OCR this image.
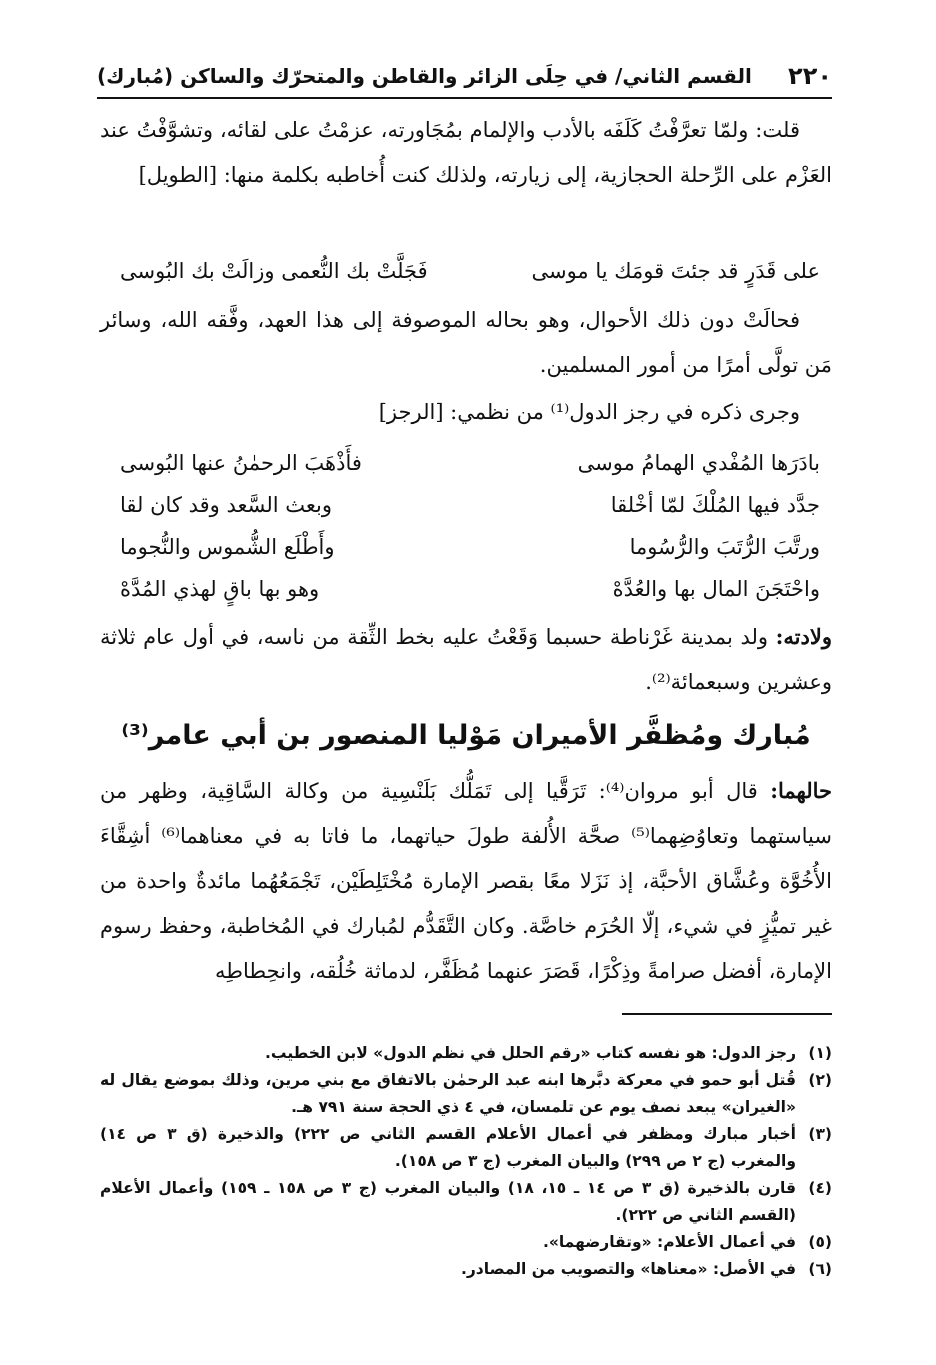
٢٢٠
القسم الثاني/ في حِلَى الزائر والقاطن والمتحرّك والساكن (مُبارك)

قلت: ولمّا تعرَّفْتُ كَلَفَه بالأدب والإلمام بمُجَاورته، عزمْتُ على لقائه، وتشوَّفْتُ عند العَزْم على الرِّحلة الحجازية، إلى زيارته، ولذلك كنت أُخاطبه بكلمة منها: [الطويل]

على قَدَرٍ قد جئتَ قومَك يا موسى
فَجَلَّتْ بك النُّعمى وزالَتْ بك البُوسى

فحالَتْ دون ذلك الأحوال، وهو بحاله الموصوفة إلى هذا العهد، وفَّقه الله، وسائر مَن تولَّى أمرًا من أمور المسلمين.

وجرى ذكره في رجز الدول⁽¹⁾ من نظمي: [الرجز]

بادَرَها المُفْدي الهمامُ موسى
فأَذْهَبَ الرحمٰنُ عنها البُوسى
جدَّد فيها المُلْكَ لمّا أخْلقا
وبعث السَّعد وقد كان لقا
ورتَّبَ الرُّتَبَ والرُّسُوما
وأَطْلَع الشُّموس والنُّجوما
واحْتَجَنَ المال بها والعُدَّهْ
وهو بها باقٍ لهذي المُدَّهْ

ولادته: ولد بمدينة غَرْناطة حسبما وَقَعْتُ عليه بخط الثِّقة من ناسه، في أول عام ثلاثة وعشرين وسبعمائة⁽²⁾.

مُبارك ومُظفَّر الأميران مَوْليا المنصور بن أبي عامر⁽³⁾

حالهما: قال أبو مروان⁽⁴⁾: تَرَقَّيا إلى تَمَلُّك بَلَنْسِية من وكالة السَّاقِية، وظهر من سياستهما وتعاوُضِهما⁽⁵⁾ صحَّة الأُلفة طولَ حياتهما، ما فاتا به في معناهما⁽⁶⁾ أشِقَّاءَ الأُخُوَّة وعُشَّاق الأحبَّة، إذ نَزَلا معًا بقصر الإمارة مُخْتَلِطَيْن، تَجْمَعُهُما مائدةٌ واحدة من غير تميُّزٍ في شيء، إلّا الحُرَم خاصَّة. وكان التَّقَدُّم لمُبارك في المُخاطبة، وحفظ رسوم الإمارة، أفضل صرامةً وذِكْرًا، قَصَرَ عنهما مُظَفَّر، لدماثة خُلُقه، وانحِطاطِه

(١)
رجز الدول: هو نفسه كتاب «رقم الحلل في نظم الدول» لابن الخطيب.
(٢)
قُتل أبو حمو في معركة دبَّرها ابنه عبد الرحمٰن بالاتفاق مع بني مرين، وذلك بموضع يقال له «الغيران» يبعد نصف يوم عن تلمسان، في ٤ ذي الحجة سنة ٧٩١ هـ.
(٣)
أخبار مبارك ومظفر في أعمال الأعلام القسم الثاني ص ٢٢٢) والذخيرة (ق ٣ ص ١٤) والمغرب (ج ٢ ص ٢٩٩) والبيان المغرب (ج ٣ ص ١٥٨).
(٤)
قارن بالذخيرة (ق ٣ ص ١٤ ـ ١٥، ١٨) والبيان المغرب (ج ٣ ص ١٥٨ ـ ١٥٩) وأعمال الأعلام (القسم الثاني ص ٢٢٢).
(٥)
في أعمال الأعلام: «وتقارضهما».
(٦)
في الأصل: «معناها» والتصويب من المصادر.
